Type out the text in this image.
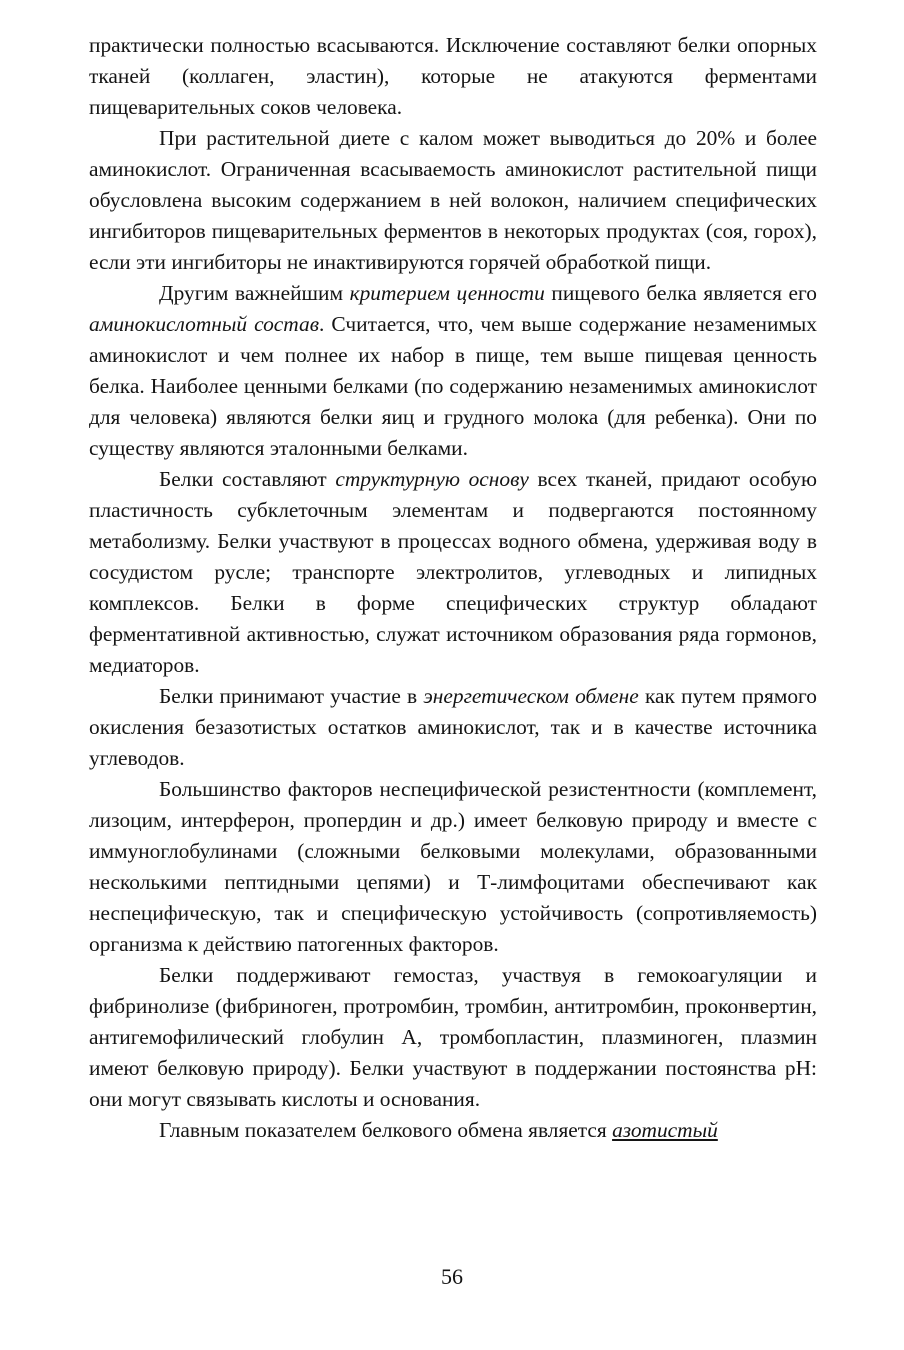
практически полностью всасываются. Исключение составляют белки опорных тканей (коллаген, эластин), которые не атакуются ферментами пищеварительных соков человека.

При растительной диете с калом может выводиться до 20% и более аминокислот. Ограниченная всасываемость аминокислот растительной пищи обусловлена высоким содержанием в ней волокон, наличием специфических ингибиторов пищеварительных ферментов в некоторых продуктах (соя, горох), если эти ингибиторы не инактивируются горячей обработкой пищи.

Другим важнейшим критерием ценности пищевого белка является его аминокислотный состав. Считается, что, чем выше содержание незаменимых аминокислот и чем полнее их набор в пище, тем выше пищевая ценность белка. Наиболее ценными белками (по содержанию незаменимых аминокислот для человека) являются белки яиц и грудного молока (для ребенка). Они по существу являются эталонными белками.

Белки составляют структурную основу всех тканей, придают особую пластичность субклеточным элементам и подвергаются постоянному метаболизму. Белки участвуют в процессах водного обмена, удерживая воду в сосудистом русле; транспорте электролитов, углеводных и липидных комплексов. Белки в форме специфических структур обладают ферментативной активностью, служат источником образования ряда гормонов, медиаторов.

Белки принимают участие в энергетическом обмене как путем прямого окисления безазотистых остатков аминокислот, так и в качестве источника углеводов.

Большинство факторов неспецифической резистентности (комплемент, лизоцим, интерферон, пропердин и др.) имеет белковую природу и вместе с иммуноглобулинами (сложными белковыми молекулами, образованными несколькими пептидными цепями) и Т-лимфоцитами обеспечивают как неспецифическую, так и специфическую устойчивость (сопротивляемость) организма к действию патогенных факторов.

Белки поддерживают гемостаз, участвуя в гемокоагуляции и фибринолизе (фибриноген, протромбин, тромбин, антитромбин, проконвертин, антигемофилический глобулин А, тромбопластин, плазминоген, плазмин имеют белковую природу). Белки участвуют в поддержании постоянства pH: они могут связывать кислоты и основания.

Главным показателем белкового обмена является азотистый

56
